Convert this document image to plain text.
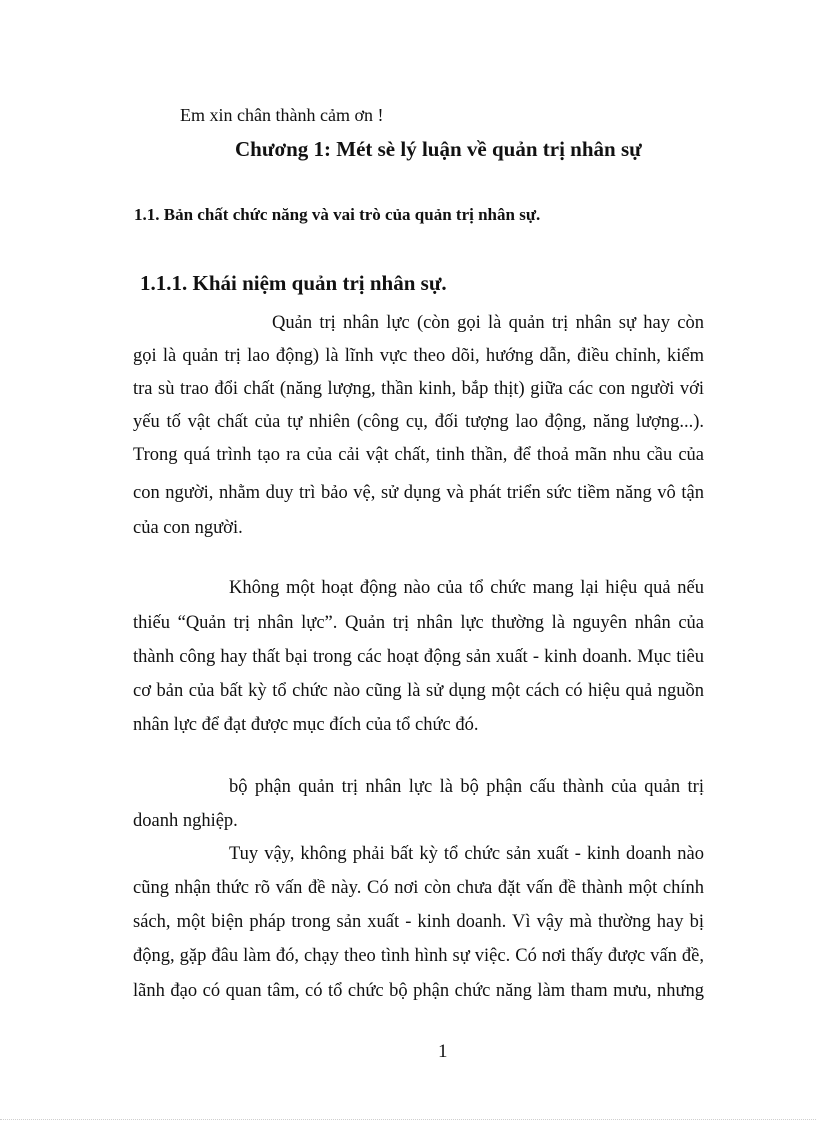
Em xin chân thành cảm ơn !
Chương 1: Mét sè lý luận về quản trị nhân sự
1.1. Bản chất chức năng và vai trò của quản trị nhân sự.
1.1.1. Khái niệm quản trị nhân sự.
Quản trị nhân lực (còn gọi là quản trị nhân sự hay còn
gọi là quản trị lao động) là lĩnh vực theo dõi, hướng dẫn, điều chỉnh, kiểm
tra sù trao đổi chất (năng lượng, thần kinh, bắp thịt) giữa các con người với
yếu tố vật chất của tự nhiên (công cụ, đối tượng lao động, năng lượng...).
Trong quá trình tạo ra của cải vật chất, tinh thần, để thoả mãn nhu cầu của
con người, nhằm duy trì bảo vệ, sử dụng và phát triển sức tiềm năng vô tận
của con người.
Không một hoạt động nào của tổ chức mang lại hiệu quả nếu
thiếu “Quản trị nhân lực”. Quản trị nhân lực thường là nguyên nhân của
thành công hay thất bại trong các hoạt động sản xuất - kinh doanh. Mục tiêu
cơ bản của bất kỳ tổ chức nào cũng là sử dụng một cách có hiệu quả nguồn
nhân lực để đạt được mục đích của tổ chức đó.
bộ phận quản trị nhân lực là bộ phận cấu thành của quản trị
doanh nghiệp.
Tuy vậy, không phải bất kỳ tổ chức sản xuất - kinh doanh nào
cũng nhận thức rõ vấn đề này. Có nơi còn chưa đặt vấn đề thành một chính
sách, một biện pháp trong sản xuất - kinh doanh. Vì vậy mà thường hay bị
động, gặp đâu làm đó, chạy theo tình hình sự việc. Có nơi thấy được vấn đề,
lãnh đạo có quan tâm, có tổ chức bộ phận chức năng làm tham mưu, nhưng
1
